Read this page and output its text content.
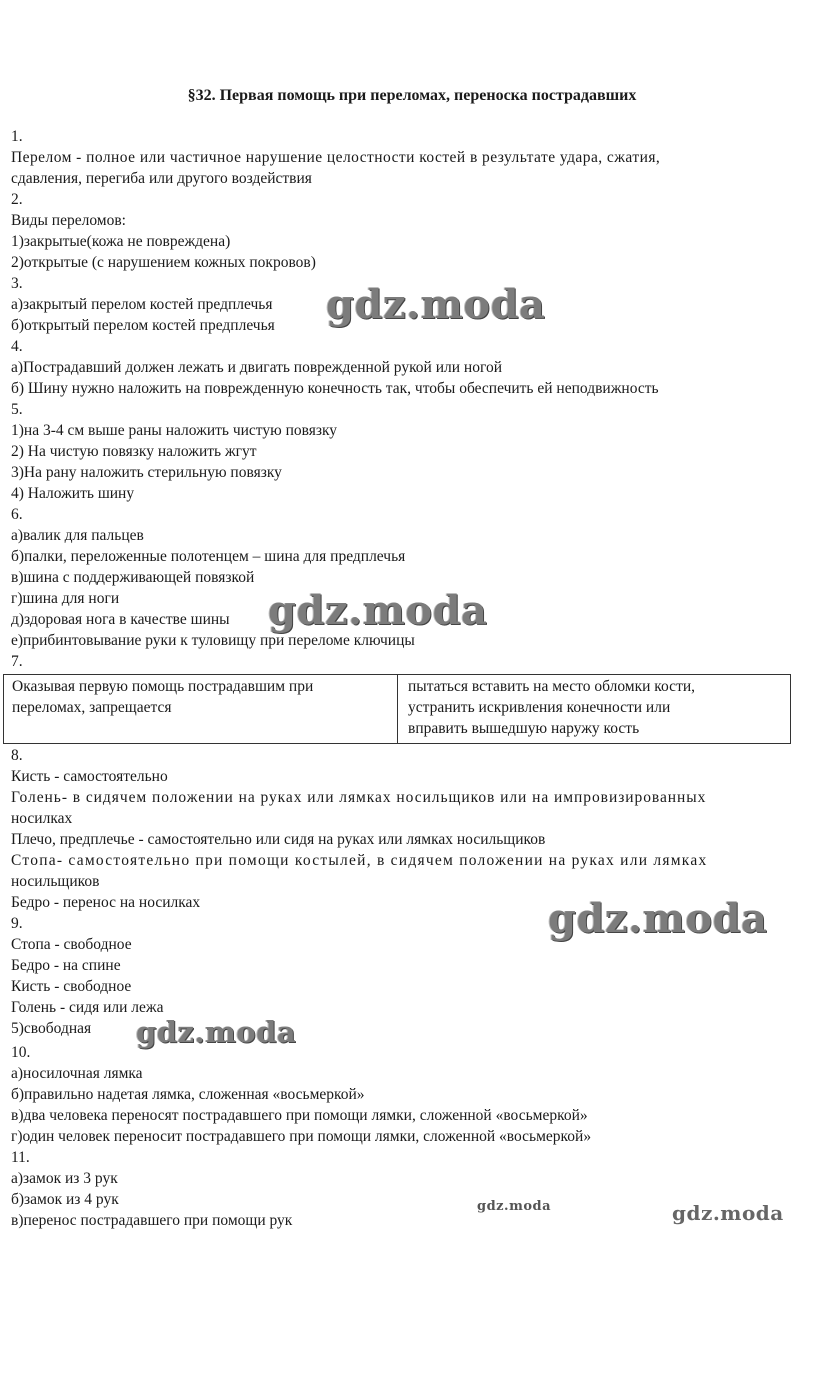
§32. Первая помощь при переломах, переноска пострадавших
1.
Перелом - полное или частичное нарушение целостности костей в результате удара, сжатия,
сдавления, перегиба или другого воздействия
2.
Виды переломов:
1)закрытые(кожа не повреждена)
2)открытые (с нарушением кожных покровов)
3.
а)закрытый перелом костей предплечья
б)открытый перелом костей предплечья
4.
а)Пострадавший должен лежать и двигать поврежденной рукой или ногой
б) Шину нужно наложить на поврежденную конечность так, чтобы обеспечить ей неподвижность
5.
1)на 3-4 см выше раны наложить чистую повязку
2) На чистую повязку наложить жгут
3)На рану наложить стерильную повязку
4) Наложить шину
6.
а)валик для пальцев
б)палки, переложенные полотенцем – шина для предплечья
в)шина с поддерживающей повязкой
г)шина для ноги
д)здоровая нога в качестве шины
е)прибинтовывание руки к туловищу при переломе ключицы
7.
Оказывая первую помощь пострадавшим при
переломах, запрещается
пытаться вставить на место обломки кости,
устранить искривления конечности или
вправить вышедшую наружу кость
8.
Кисть - самостоятельно
Голень- в сидячем положении на руках или лямках носильщиков или на импровизированных
носилках
Плечо, предплечье - самостоятельно или сидя на руках или лямках носильщиков
Стопа- самостоятельно при помощи костылей, в сидячем положении на руках или лямках
носильщиков
Бедро - перенос на носилках
9.
Стопа - свободное
Бедро - на спине
Кисть - свободное
Голень - сидя или лежа
5)свободная
10.
а)носилочная лямка
б)правильно надетая лямка, сложенная «восьмеркой»
в)два человека переносят пострадавшего при помощи лямки, сложенной «восьмеркой»
г)один человек переносит пострадавшего при помощи лямки, сложенной «восьмеркой»
11.
а)замок из 3 рук
б)замок из 4 рук
в)перенос пострадавшего при помощи рук
gdz.moda
gdz.moda
gdz.moda
gdz.moda
gdz.moda	gdz.moda
